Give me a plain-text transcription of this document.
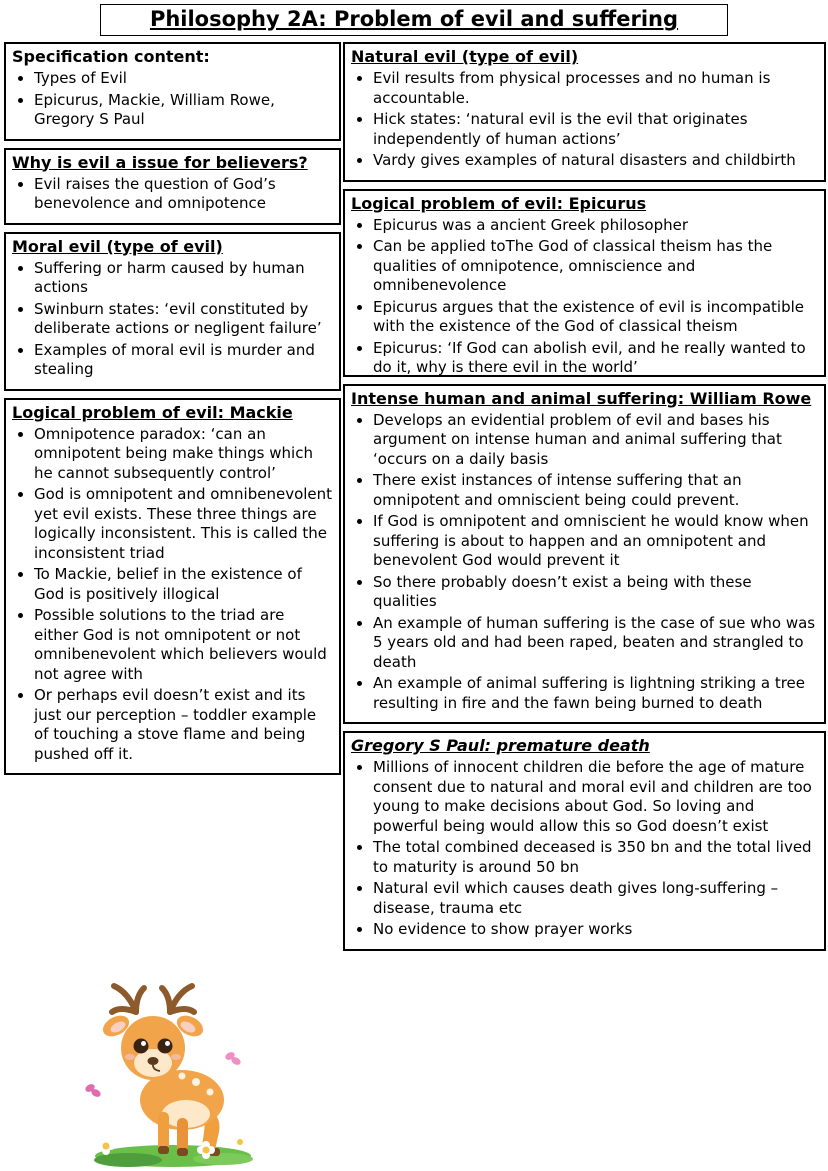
Philosophy 2A: Problem of evil and suffering
Specification content:
• Types of Evil
• Epicurus, Mackie, William Rowe, Gregory S Paul
Why is evil a issue for believers?
• Evil raises the question of God’s benevolence and omnipotence
Moral evil (type of evil)
• Suffering or harm caused by human actions
• Swinburn states: ‘evil constituted by deliberate actions or negligent failure’
• Examples of moral evil is murder and stealing
Logical problem of evil: Mackie
• Omnipotence paradox: ‘can an omnipotent being make things which he cannot subsequently control’
• God is omnipotent and omnibenevolent yet evil exists. These three things are logically inconsistent. This is called the inconsistent triad
• To Mackie, belief in the existence of God is positively illogical
• Possible solutions to the triad are either God is not omnipotent or not omnibenevolent which believers would not agree with
• Or perhaps evil doesn’t exist and its just our perception – toddler example of touching a stove flame and being pushed off it.
Natural evil (type of evil)
• Evil results from physical processes and no human is accountable.
• Hick states: ‘natural evil is the evil that originates independently of human actions’
• Vardy gives examples of natural disasters and childbirth
Logical problem of evil: Epicurus
• Epicurus was a ancient Greek philosopher
• Can be applied toThe God of classical theism has the qualities of omnipotence, omniscience and omnibenevolence
• Epicurus argues that the existence of evil is incompatible with the existence of the God of classical theism
• Epicurus: ‘If God can abolish evil, and he really wanted to do it, why is there evil in the world’
Intense human and animal suffering: William Rowe
• Develops an evidential problem of evil and bases his argument on intense human and animal suffering that ‘occurs on a daily basis
• There exist instances of intense suffering that an omnipotent and omniscient being could prevent.
• If God is omnipotent and omniscient he would know when suffering is about to happen and an omnipotent and benevolent God would prevent it
• So there probably doesn’t exist a being with these qualities
• An example of human suffering is the case of sue who was 5 years old and had been raped, beaten and strangled to death
• An example of animal suffering is lightning striking a tree resulting in fire and the fawn being burned to death
Gregory S Paul: premature death
• Millions of innocent children die before the age of mature consent due to natural and moral evil and children are too young to make decisions about God. So loving and powerful being would allow this so God doesn’t exist
• The total combined deceased is 350 bn and the total lived to maturity is around 50 bn
• Natural evil which causes death gives long-suffering – disease, trauma etc
• No evidence to show prayer works
